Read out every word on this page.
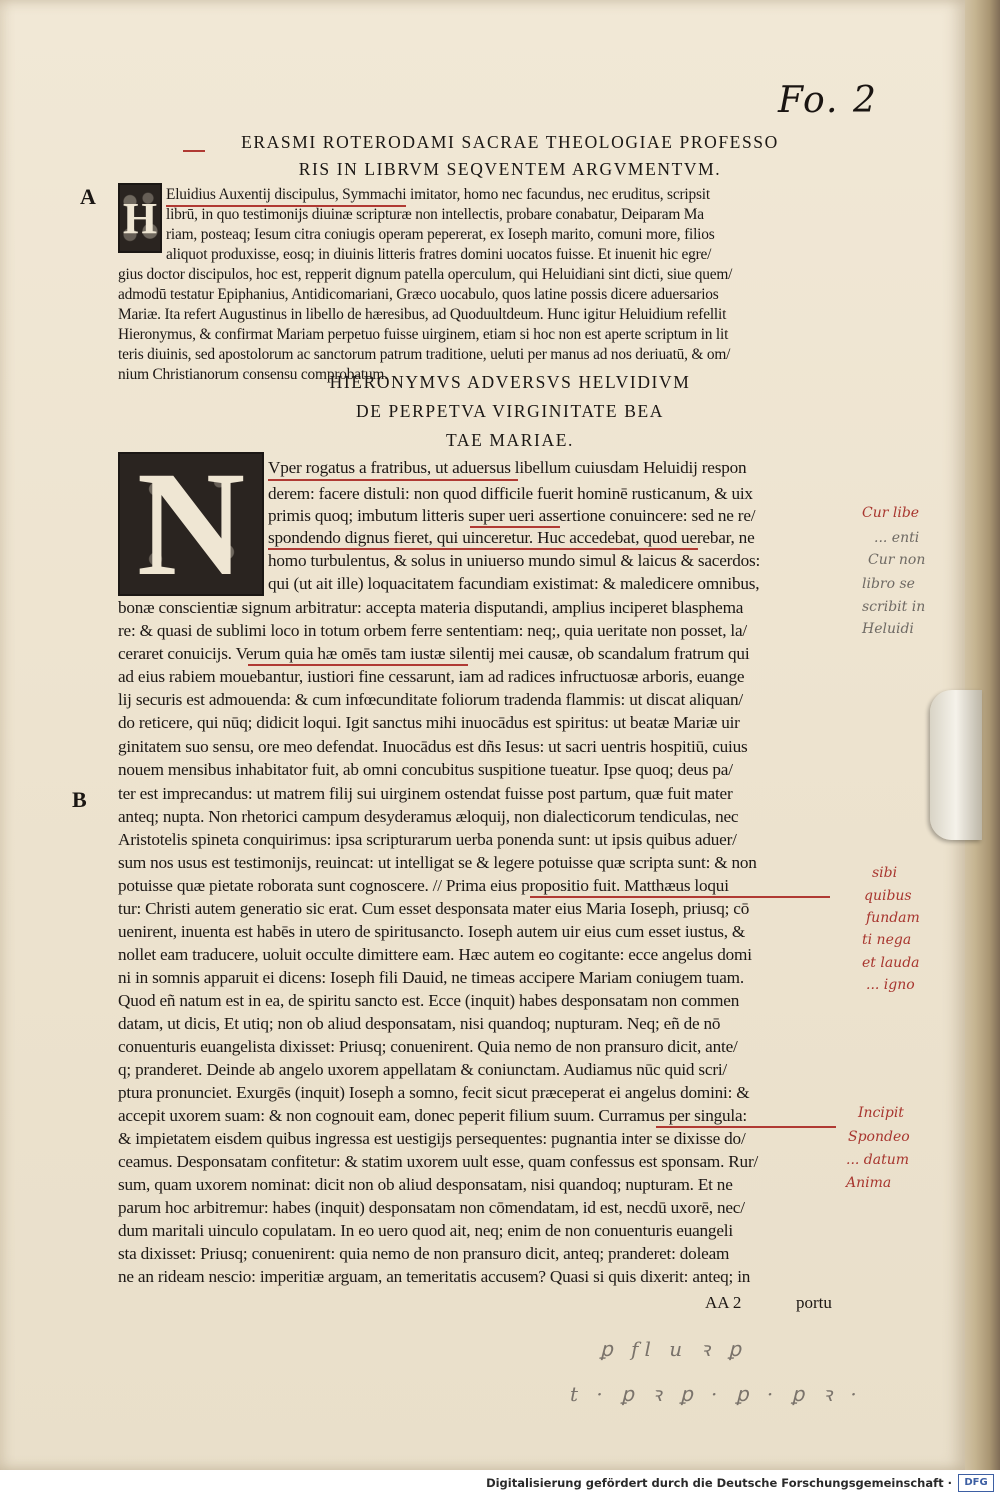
Fo. 2
ERASMI ROTERODAMI SACRAE THEOLOGIAE PROFESSO
RIS IN LIBRVM SEQVENTEM ARGVMENTVM.
A H Eluidius Auxentij discipulus, Symmachi imitator, homo nec facundus, nec eruditus, scripsit
librū, in quo testimonijs diuinæ scripturæ non intellectis, probare conabatur, Deiparam Ma
riam, posteaq; Iesum citra coniugis operam pepererat, ex Ioseph marito, comuni more, filios
aliquot produxisse, eosq; in diuinis litteris fratres domini uocatos fuisse. Et inuenit hic egre/
gius doctor discipulos, hoc est, repperit dignum patella operculum, qui Heluidiani sint dicti, siue quem/
admodū testatur Epiphanius, Antidicomariani, Græco uocabulo, quos latine possis dicere aduersarios
Mariæ. Ita refert Augustinus in libello de hæresibus, ad Quoduultdeum. Hunc igitur Heluidium refellit
Hieronymus, & confirmat Mariam perpetuo fuisse uirginem, etiam si hoc non est aperte scriptum in lit
teris diuinis, sed apostolorum ac sanctorum patrum traditione, ueluti per manus ad nos deriuatū, & om/
nium Christianorum consensu comprobatum.
HIERONYMVS ADVERSVS HELVIDIVM
DE PERPETVA VIRGINITATE BEA
TAE MARIAE.
N
B
Vper rogatus a fratribus, ut aduersus libellum cuiusdam Heluidij respon
derem: facere distuli: non quod difficile fuerit hominē rusticanum, & uix
primis quoq; imbutum litteris super ueri assertione conuincere: sed ne re/
spondendo dignus fieret, qui uinceretur. Huc accedebat, quod uerebar, ne
homo turbulentus, & solus in uniuerso mundo simul & laicus & sacerdos:
qui (ut ait ille) loquacitatem facundiam existimat: & maledicere omnibus,
bonæ conscientiæ signum arbitratur: accepta materia disputandi, amplius inciperet blasphema
re: & quasi de sublimi loco in totum orbem ferre sententiam: neq;, quia ueritate non posset, la/
ceraret conuicijs. Verum quia hæ omēs tam iustæ silentij mei causæ, ob scandalum fratrum qui
ad eius rabiem mouebantur, iustiori fine cessarunt, iam ad radices infructuosæ arboris, euange
lij securis est admouenda: & cum infœcunditate foliorum tradenda flammis: ut discat aliquan/
do reticere, qui nūq; didicit loqui. Igit sanctus mihi inuocādus est spiritus: ut beatæ Mariæ uir
ginitatem suo sensu, ore meo defendat. Inuocādus est dñs Iesus: ut sacri uentris hospitiū, cuius
nouem mensibus inhabitator fuit, ab omni concubitus suspitione tueatur. Ipse quoq; deus pa/
ter est imprecandus: ut matrem filij sui uirginem ostendat fuisse post partum, quæ fuit mater
anteq; nupta. Non rhetorici campum desyderamus æloquij, non dialecticorum tendiculas, nec
Aristotelis spineta conquirimus: ipsa scripturarum uerba ponenda sunt: ut ipsis quibus aduer/
sum nos usus est testimonijs, reuincat: ut intelligat se & legere potuisse quæ scripta sunt: & non
potuisse quæ pietate roborata sunt cognoscere. // Prima eius propositio fuit. Matthæus loqui
tur: Christi autem generatio sic erat. Cum esset desponsata mater eius Maria Ioseph, priusq; cō
uenirent, inuenta est habēs in utero de spiritusancto. Ioseph autem uir eius cum esset iustus, &
nollet eam traducere, uoluit occulte dimittere eam. Hæc autem eo cogitante: ecce angelus domi
ni in somnis apparuit ei dicens: Ioseph fili Dauid, ne timeas accipere Mariam coniugem tuam.
Quod eñ natum est in ea, de spiritu sancto est. Ecce (inquit) habes desponsatam non commen
datam, ut dicis, Et utiq; non ob aliud desponsatam, nisi quandoq; nupturam. Neq; eñ de nō
conuenturis euangelista dixisset: Priusq; conuenirent. Quia nemo de non pransuro dicit, ante/
q; pranderet. Deinde ab angelo uxorem appellatam & coniunctam. Audiamus nūc quid scri/
ptura pronunciet. Exurgēs (inquit) Ioseph a somno, fecit sicut præceperat ei angelus domini: &
accepit uxorem suam: & non cognouit eam, donec peperit filium suum. Curramus per singula:
& impietatem eisdem quibus ingressa est uestigijs persequentes: pugnantia inter se dixisse do/
ceamus. Desponsatam confitetur: & statim uxorem uult esse, quam confessus est sponsam. Rur/
sum, quam uxorem nominat: dicit non ob aliud desponsatam, nisi quandoq; nupturam. Et ne
parum hoc arbitremur: habes (inquit) desponsatam non cōmendatam, id est, necdū uxorē, nec/
dum maritali uinculo copulatam. In eo uero quod ait, neq; enim de non conuenturis euangeli
sta dixisset: Priusq; conuenirent: quia nemo de non pransuro dicit, anteq; pranderet: doleam
ne an rideam nescio: imperitiæ arguam, an temeritatis accusem? Quasi si quis dixerit: anteq; in
AA 2	portu
Cur libe
... enti
Cur non
libro se
scribit in
Heluidi
sibi
quibus
fundam
ti nega
et lauda
... igno
Incipit
Spondeo
... datum
Anima
ꝑ fl u ꝛ ꝑ
t · ꝑ ꝛ ꝑ · ꝑ · ꝑ ꝛ ·
Digitalisierung gefördert durch die Deutsche Forschungsgemeinschaft ·	DFG
